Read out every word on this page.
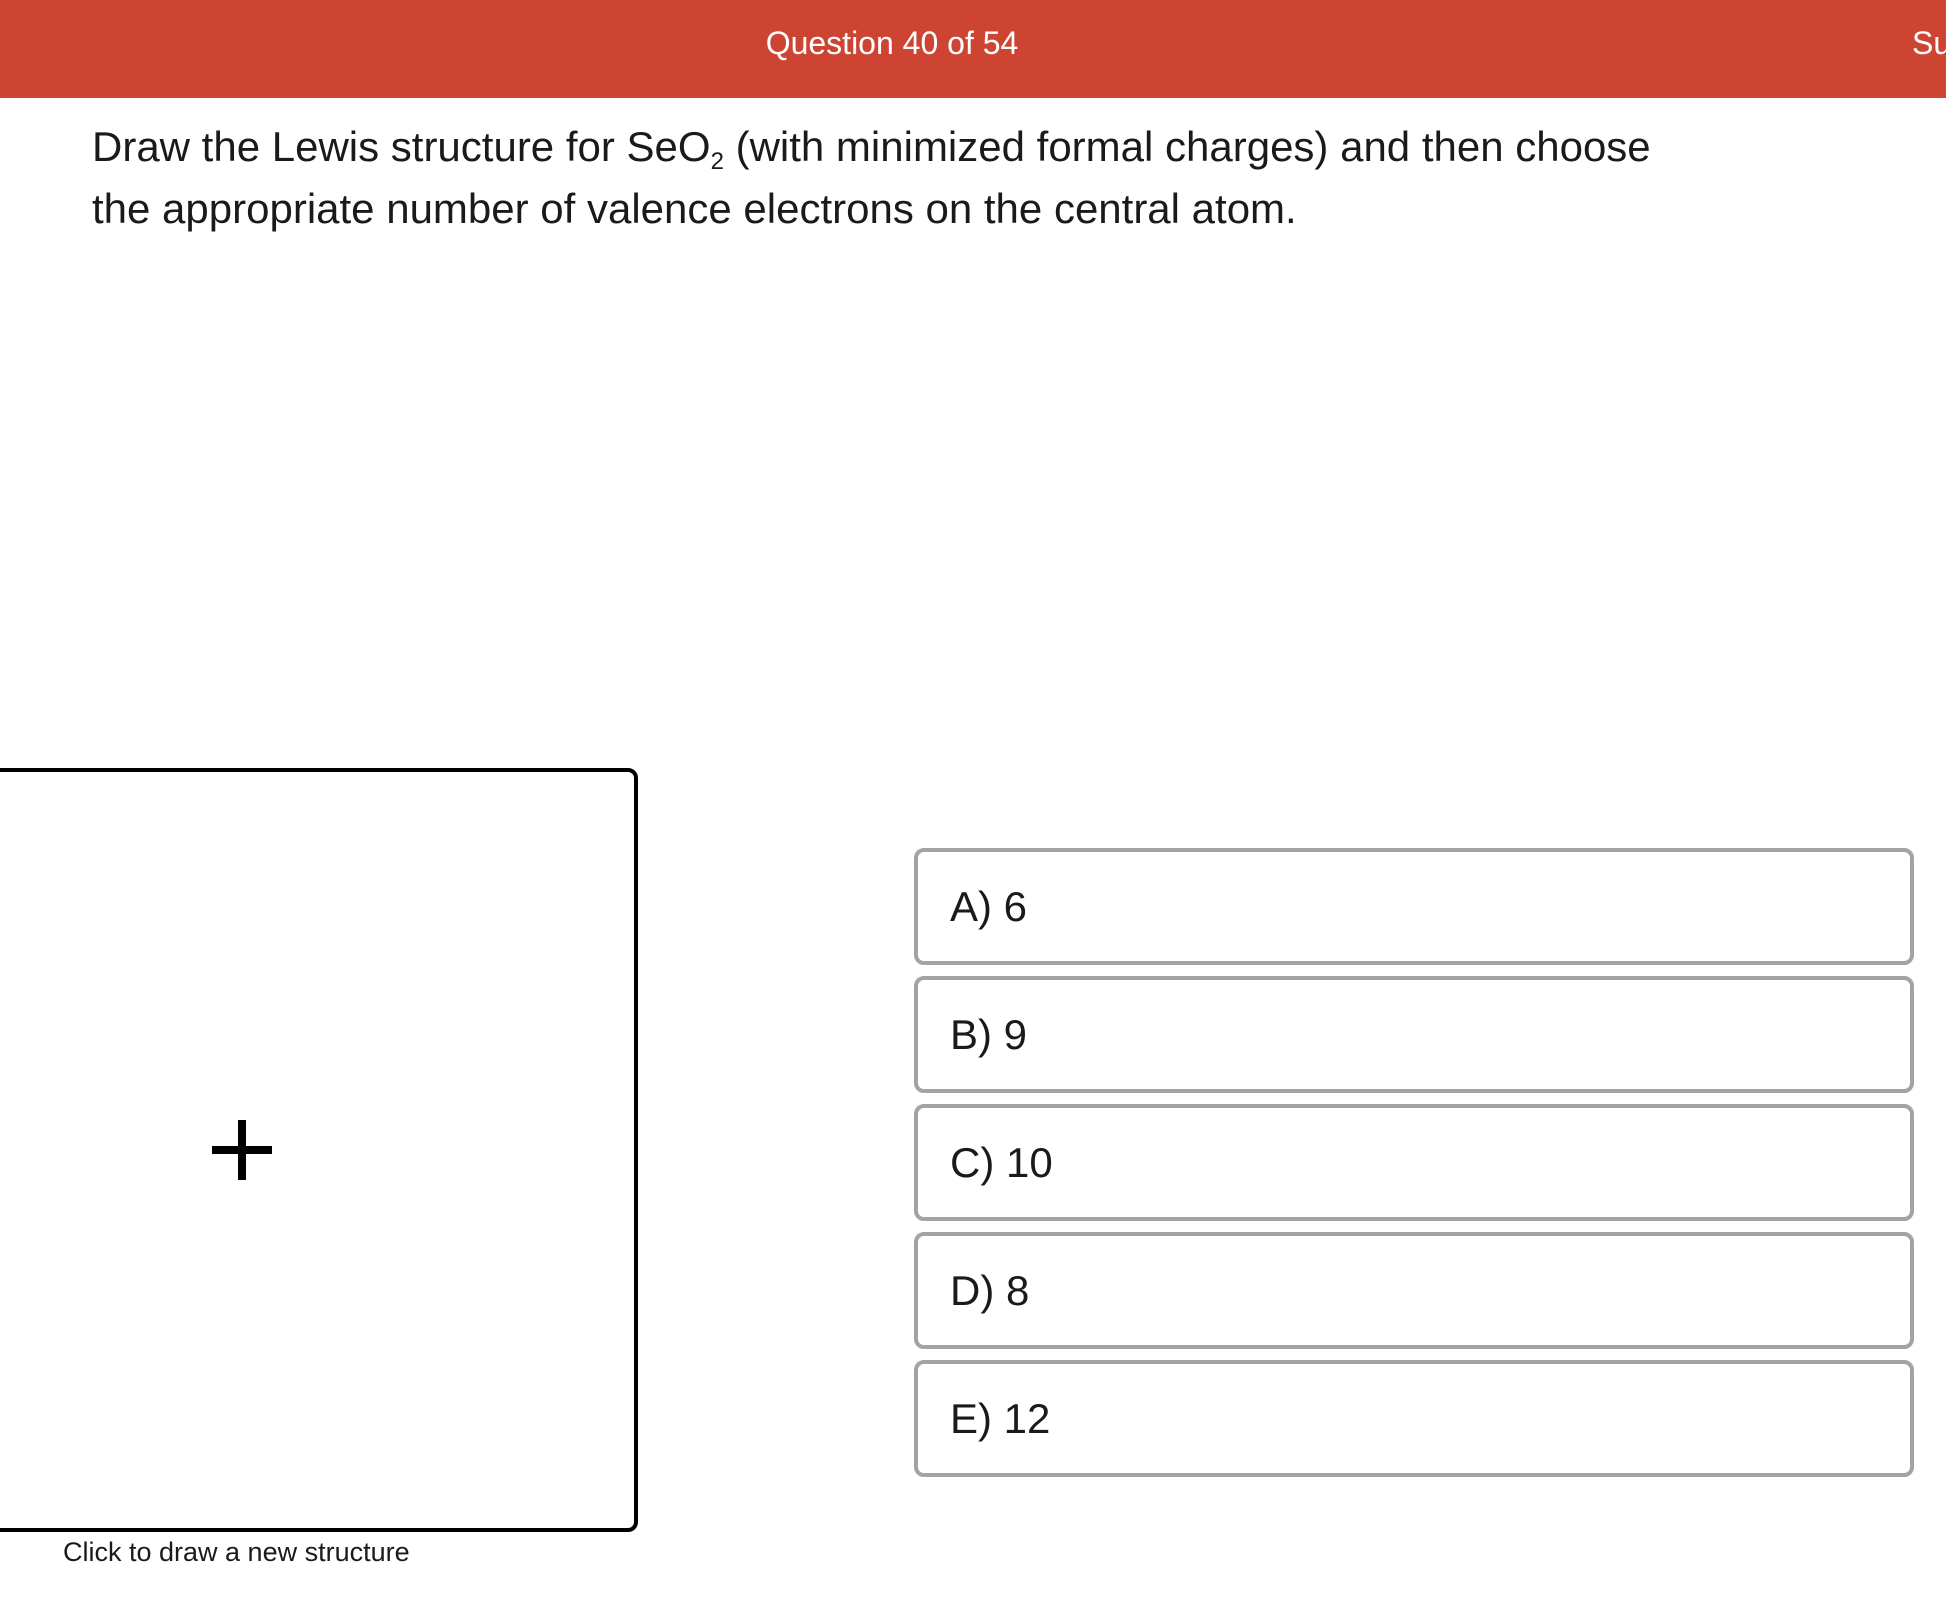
Question 40 of 54	Su
Draw the Lewis structure for SeO$_2$ (with minimized formal charges) and then choose the appropriate number of valence electrons on the central atom.
Click to draw a new structure
A) 6
B) 9
C) 10
D) 8
E) 12
